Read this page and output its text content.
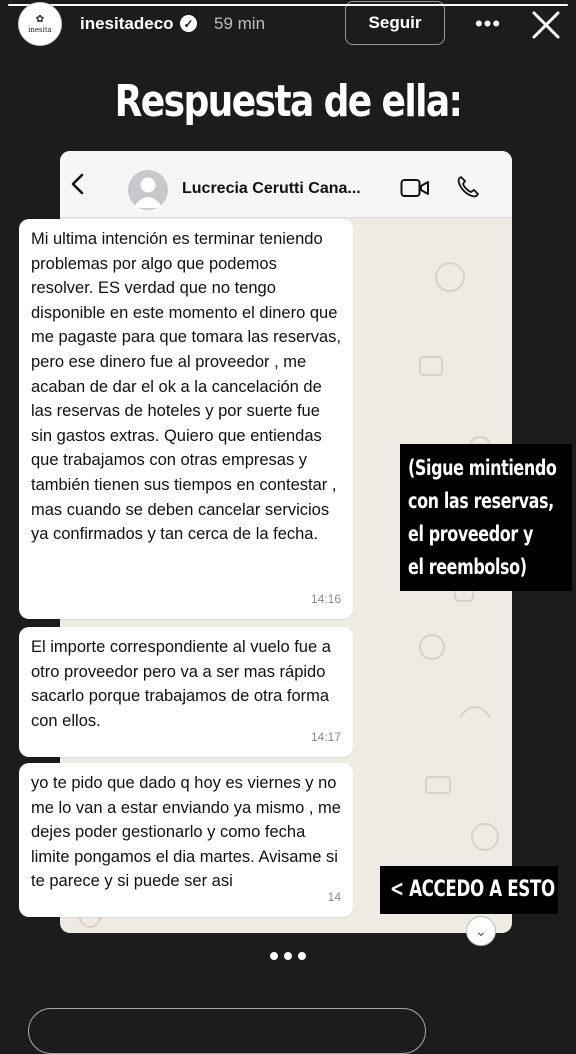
✿
inesita inesitadeco ✓ 59 min	Seguir	•••
Respuesta de ella:
Lucrecia Cerutti Cana...
Mi ultima intención es terminar teniendo problemas por algo que podemos resolver. ES verdad que no tengo disponible en este momento el dinero que me pagaste para que tomara las reservas, pero ese dinero fue al proveedor , me acaban de dar el ok a la cancelación de las reservas de hoteles y por suerte fue sin gastos extras. Quiero que entiendas que trabajamos con otras empresas y también tienen sus tiempos en contestar , mas cuando se deben cancelar servicios ya confirmados y tan cerca de la fecha.
14:16
El importe correspondiente al vuelo fue a otro proveedor pero va a ser mas rápido sacarlo porque trabajamos de otra forma con ellos.
14:17
yo te pido que dado q hoy es viernes y no me lo van a estar enviando ya mismo , me dejes poder gestionarlo y como fecha limite pongamos el dia martes. Avisame si te parece y si puede ser asi
14
⌄
(Sigue mintiendo
con las reservas,
el proveedor y
el reembolso)
< ACCEDO A ESTO
